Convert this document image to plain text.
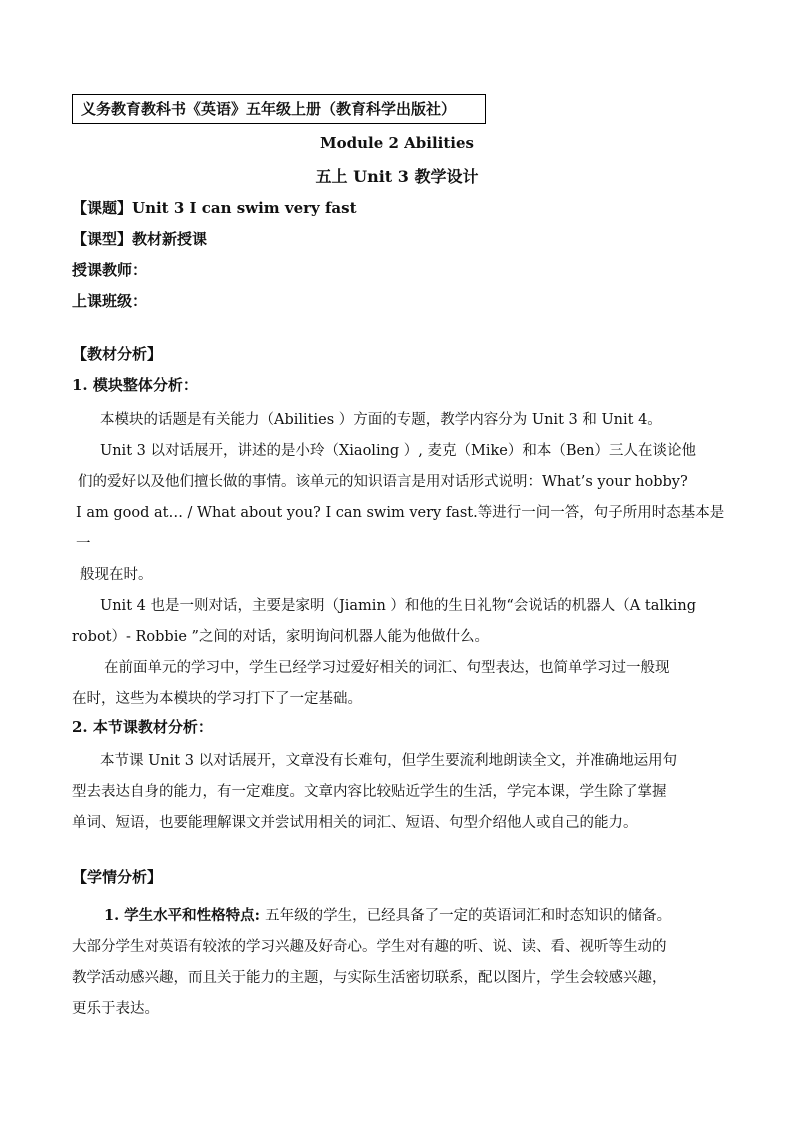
义务教育教科书《英语》五年级上册（教育科学出版社）
Module 2 Abilities
五上 Unit 3 教学设计
【课题】Unit 3 I can swim very fast
【课型】教材新授课
授课教师：
上课班级：
【教材分析】
1. 模块整体分析：

本模块的话题是有关能力（Abilities ）方面的专题，教学内容分为 Unit 3 和 Unit 4。

Unit 3 以对话展开，讲述的是小玲（Xiaoling ）, 麦克（Mike）和本（Ben）三人在谈论他

们的爱好以及他们擅长做的事情。该单元的知识语言是用对话形式说明：What’s your hobby?

I am good at… / What about you? I can swim very fast.等进行一问一答，句子所用时态基本是一

般现在时。

Unit 4 也是一则对话，主要是家明（Jiamin ）和他的生日礼物“会说话的机器人（A talking

robot）- Robbie ”之间的对话，家明询问机器人能为他做什么。

在前面单元的学习中，学生已经学习过爱好相关的词汇、句型表达，也简单学习过一般现

在时，这些为本模块的学习打下了一定基础。

2. 本节课教材分析：

本节课 Unit 3 以对话展开，文章没有长难句，但学生要流利地朗读全文，并准确地运用句

型去表达自身的能力，有一定难度。文章内容比较贴近学生的生活，学完本课，学生除了掌握

单词、短语，也要能理解课文并尝试用相关的词汇、短语、句型介绍他人或自己的能力。

【学情分析】

1. 学生水平和性格特点: 五年级的学生，已经具备了一定的英语词汇和时态知识的储备。

大部分学生对英语有较浓的学习兴趣及好奇心。学生对有趣的听、说、读、看、视听等生动的

教学活动感兴趣，而且关于能力的主题，与实际生活密切联系，配以图片，学生会较感兴趣，

更乐于表达。
